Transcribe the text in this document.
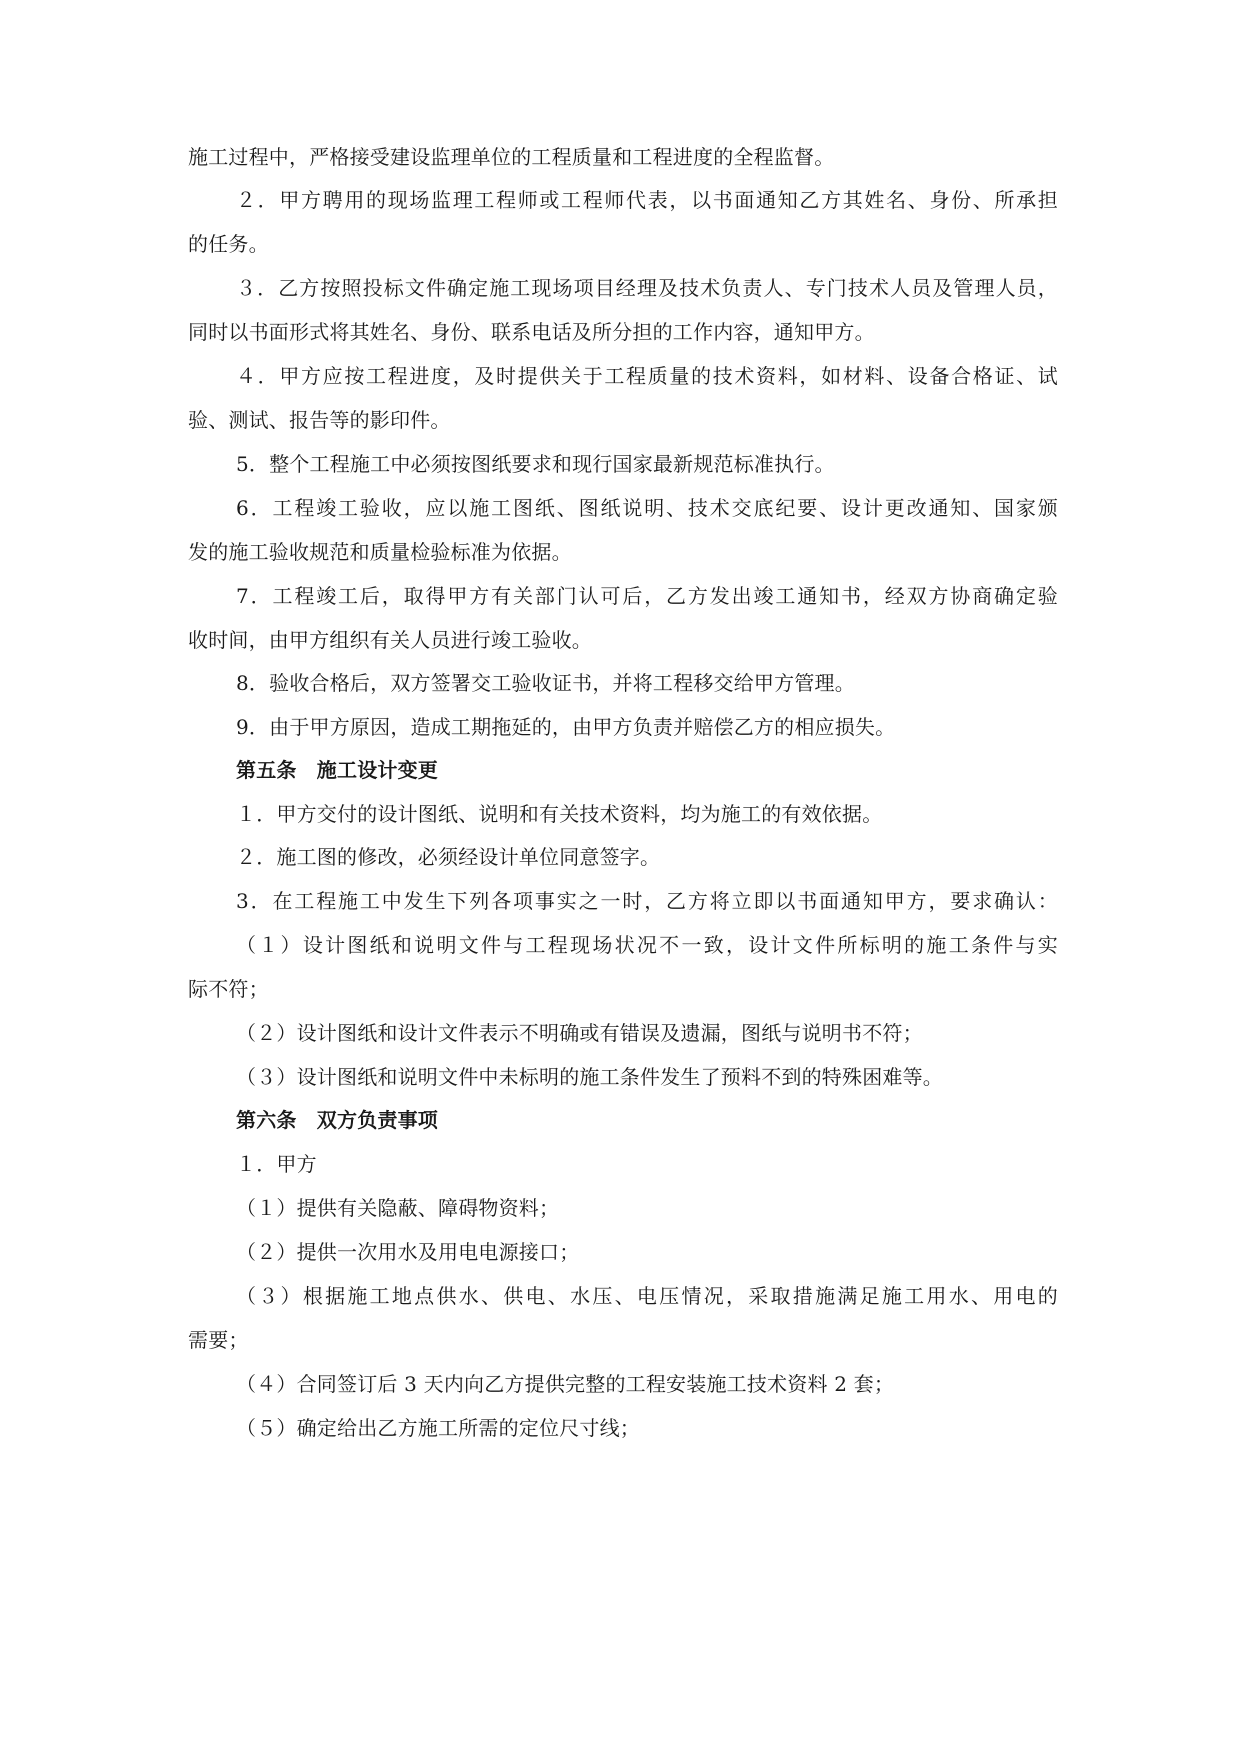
施工过程中，严格接受建设监理单位的工程质量和工程进度的全程监督。
２．甲方聘用的现场监理工程师或工程师代表，以书面通知乙方其姓名、身份、所承担
的任务。
３．乙方按照投标文件确定施工现场项目经理及技术负责人、专门技术人员及管理人员，
同时以书面形式将其姓名、身份、联系电话及所分担的工作内容，通知甲方。
４．甲方应按工程进度，及时提供关于工程质量的技术资料，如材料、设备合格证、试
验、测试、报告等的影印件。
5．整个工程施工中必须按图纸要求和现行国家最新规范标准执行。
6．工程竣工验收，应以施工图纸、图纸说明、技术交底纪要、设计更改通知、国家颁
发的施工验收规范和质量检验标准为依据。
7．工程竣工后，取得甲方有关部门认可后，乙方发出竣工通知书，经双方协商确定验
收时间，由甲方组织有关人员进行竣工验收。
8．验收合格后，双方签署交工验收证书，并将工程移交给甲方管理。
9．由于甲方原因，造成工期拖延的，由甲方负责并赔偿乙方的相应损失。
第五条　施工设计变更
１．甲方交付的设计图纸、说明和有关技术资料，均为施工的有效依据。
２．施工图的修改，必须经设计单位同意签字。
3．在工程施工中发生下列各项事实之一时，乙方将立即以书面通知甲方，要求确认：
（１）设计图纸和说明文件与工程现场状况不一致，设计文件所标明的施工条件与实
际不符；
（２）设计图纸和设计文件表示不明确或有错误及遗漏，图纸与说明书不符；
（３）设计图纸和说明文件中未标明的施工条件发生了预料不到的特殊困难等。
第六条　双方负责事项
１．甲方
（１）提供有关隐蔽、障碍物资料；
（２）提供一次用水及用电电源接口；
（３）根据施工地点供水、供电、水压、电压情况，采取措施满足施工用水、用电的
需要；
（４）合同签订后 3 天内向乙方提供完整的工程安装施工技术资料 2 套；
（５）确定给出乙方施工所需的定位尺寸线；
